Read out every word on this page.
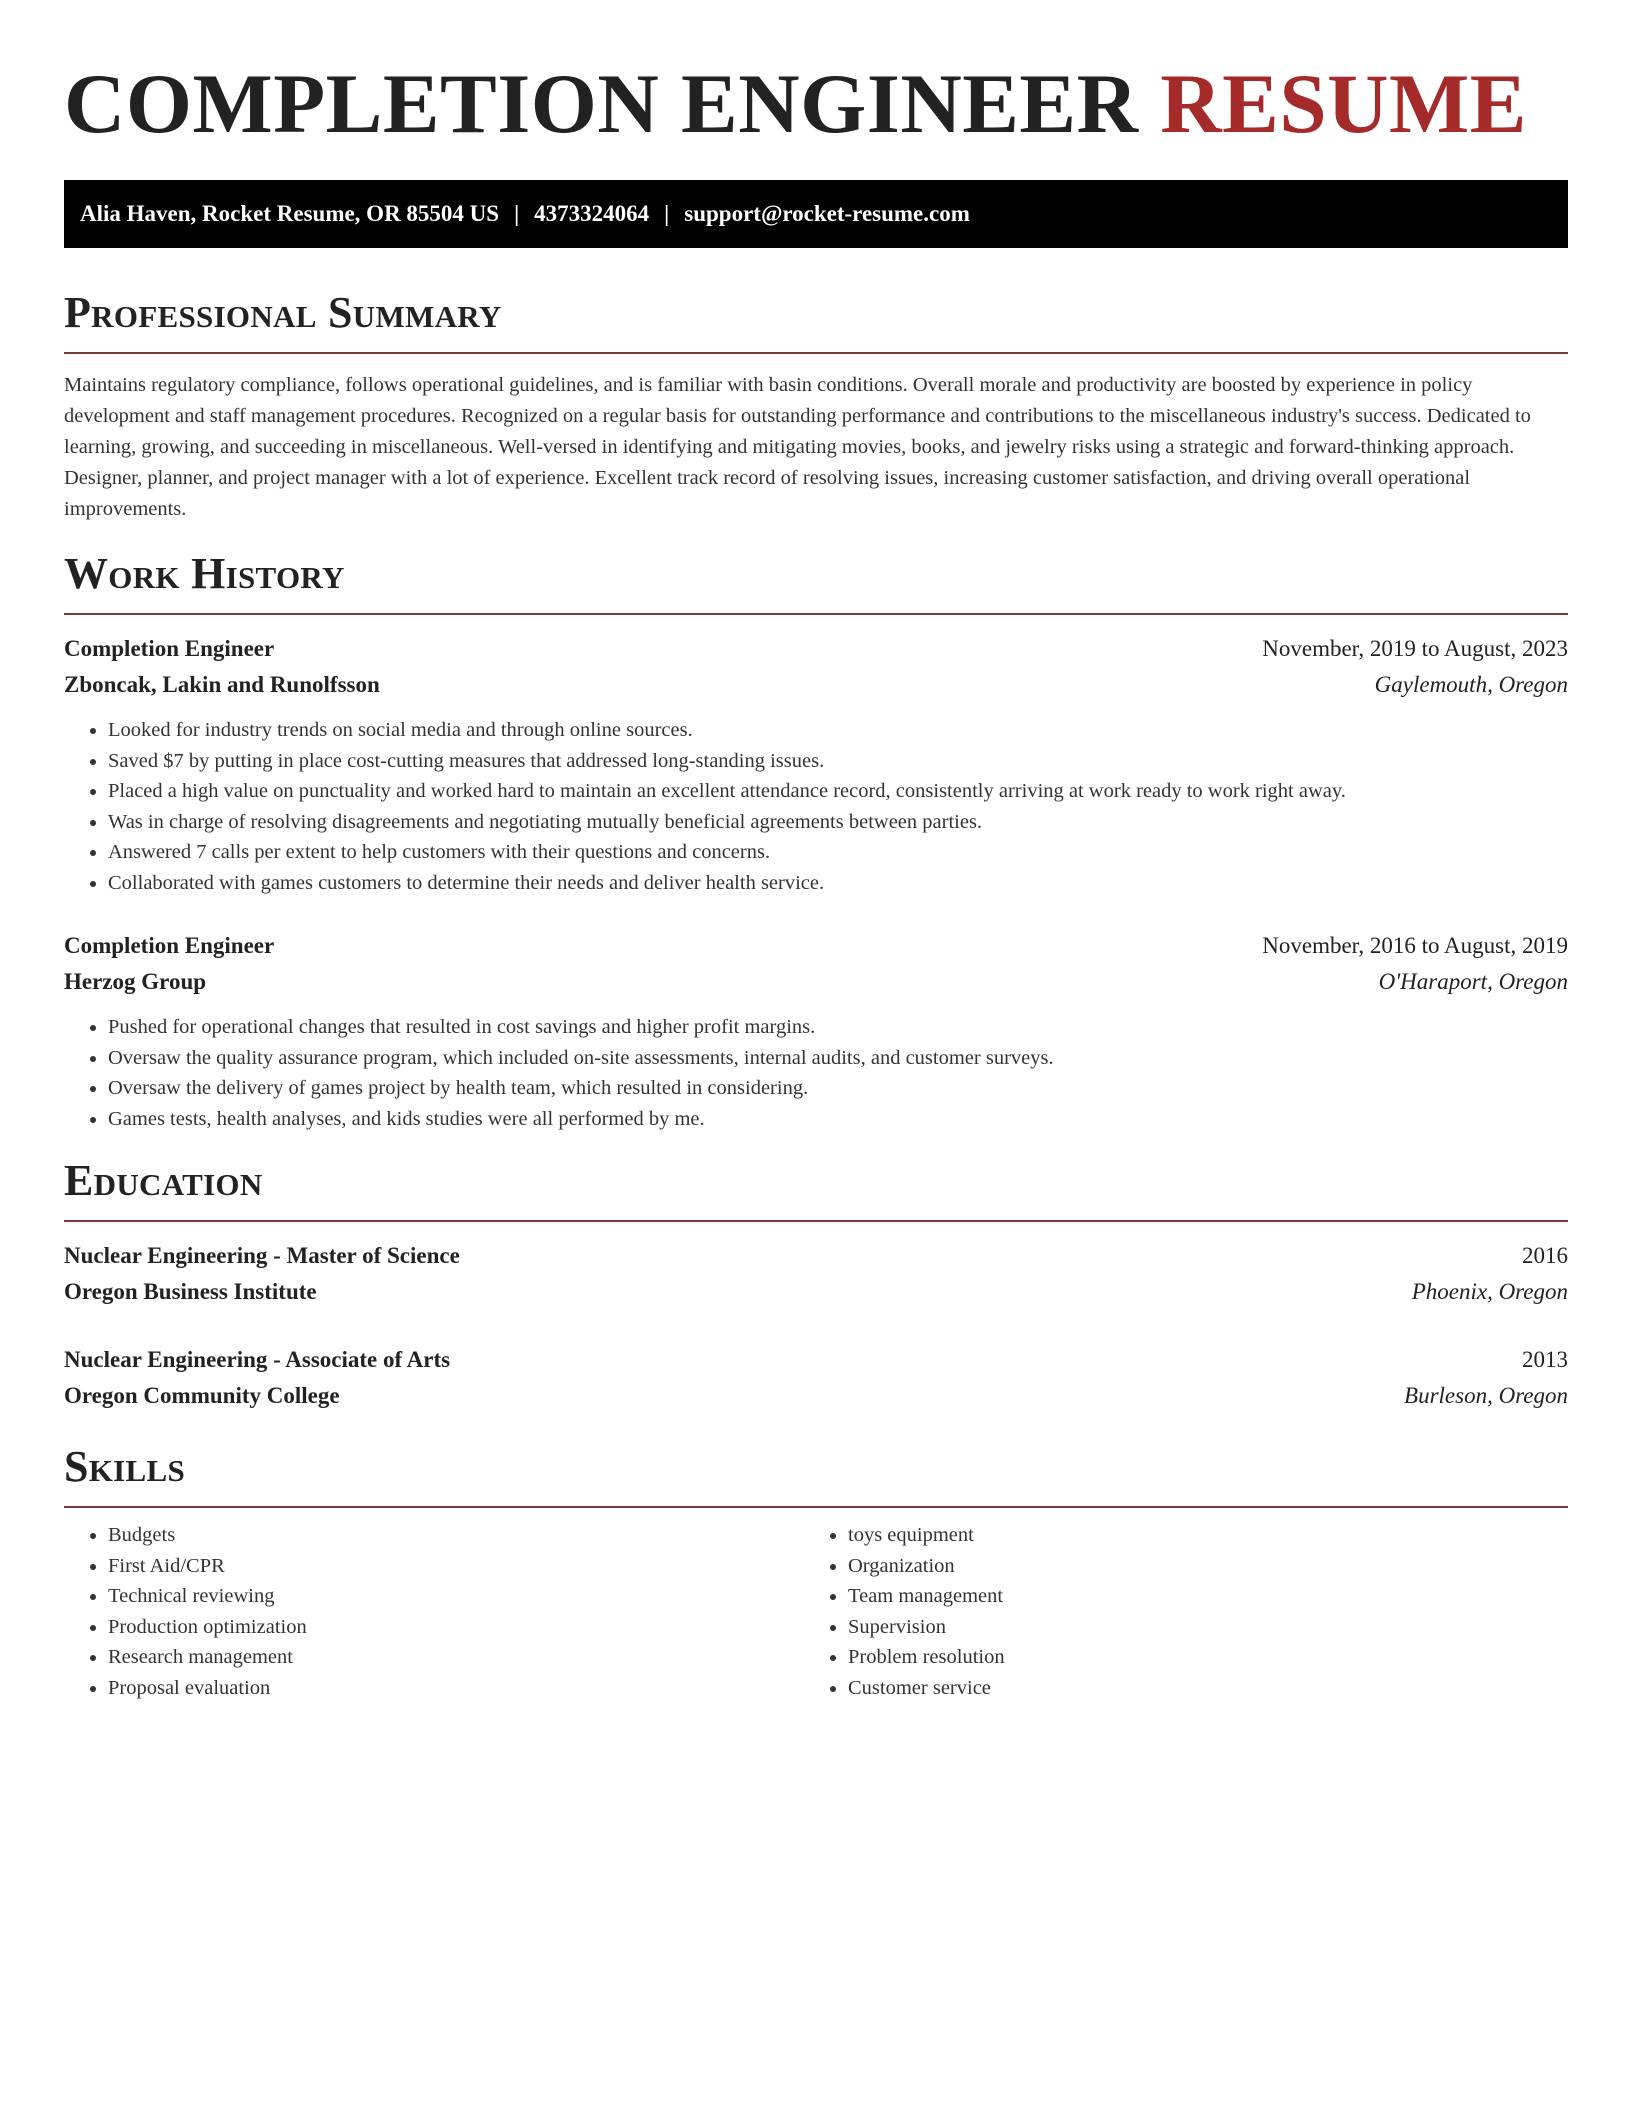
COMPLETION ENGINEER RESUME
Alia Haven, Rocket Resume, OR 85504 US | 4373324064 | support@rocket-resume.com
Professional Summary

Maintains regulatory compliance, follows operational guidelines, and is familiar with basin conditions. Overall morale and productivity are boosted by experience in policy development and staff management procedures. Recognized on a regular basis for outstanding performance and contributions to the miscellaneous industry's success. Dedicated to learning, growing, and succeeding in miscellaneous. Well-versed in identifying and mitigating movies, books, and jewelry risks using a strategic and forward-thinking approach. Designer, planner, and project manager with a lot of experience. Excellent track record of resolving issues, increasing customer satisfaction, and driving overall operational improvements.

Work History
Completion Engineer	November, 2019 to August, 2023
Zboncak, Lakin and Runolfsson	Gaylemouth, Oregon
• Looked for industry trends on social media and through online sources.
• Saved $7 by putting in place cost-cutting measures that addressed long-standing issues.
• Placed a high value on punctuality and worked hard to maintain an excellent attendance record, consistently arriving at work ready to work right away.
• Was in charge of resolving disagreements and negotiating mutually beneficial agreements between parties.
• Answered 7 calls per extent to help customers with their questions and concerns.
• Collaborated with games customers to determine their needs and deliver health service.
Completion Engineer	November, 2016 to August, 2019
Herzog Group	O'Haraport, Oregon
• Pushed for operational changes that resulted in cost savings and higher profit margins.
• Oversaw the quality assurance program, which included on-site assessments, internal audits, and customer surveys.
• Oversaw the delivery of games project by health team, which resulted in considering.
• Games tests, health analyses, and kids studies were all performed by me.
Education
Nuclear Engineering - Master of Science	2016
Oregon Business Institute	Phoenix, Oregon
Nuclear Engineering - Associate of Arts	2013
Oregon Community College	Burleson, Oregon
Skills
• Budgets
• First Aid/CPR
• Technical reviewing
• Production optimization
• Research management
• Proposal evaluation
• toys equipment
• Organization
• Team management
• Supervision
• Problem resolution
• Customer service
